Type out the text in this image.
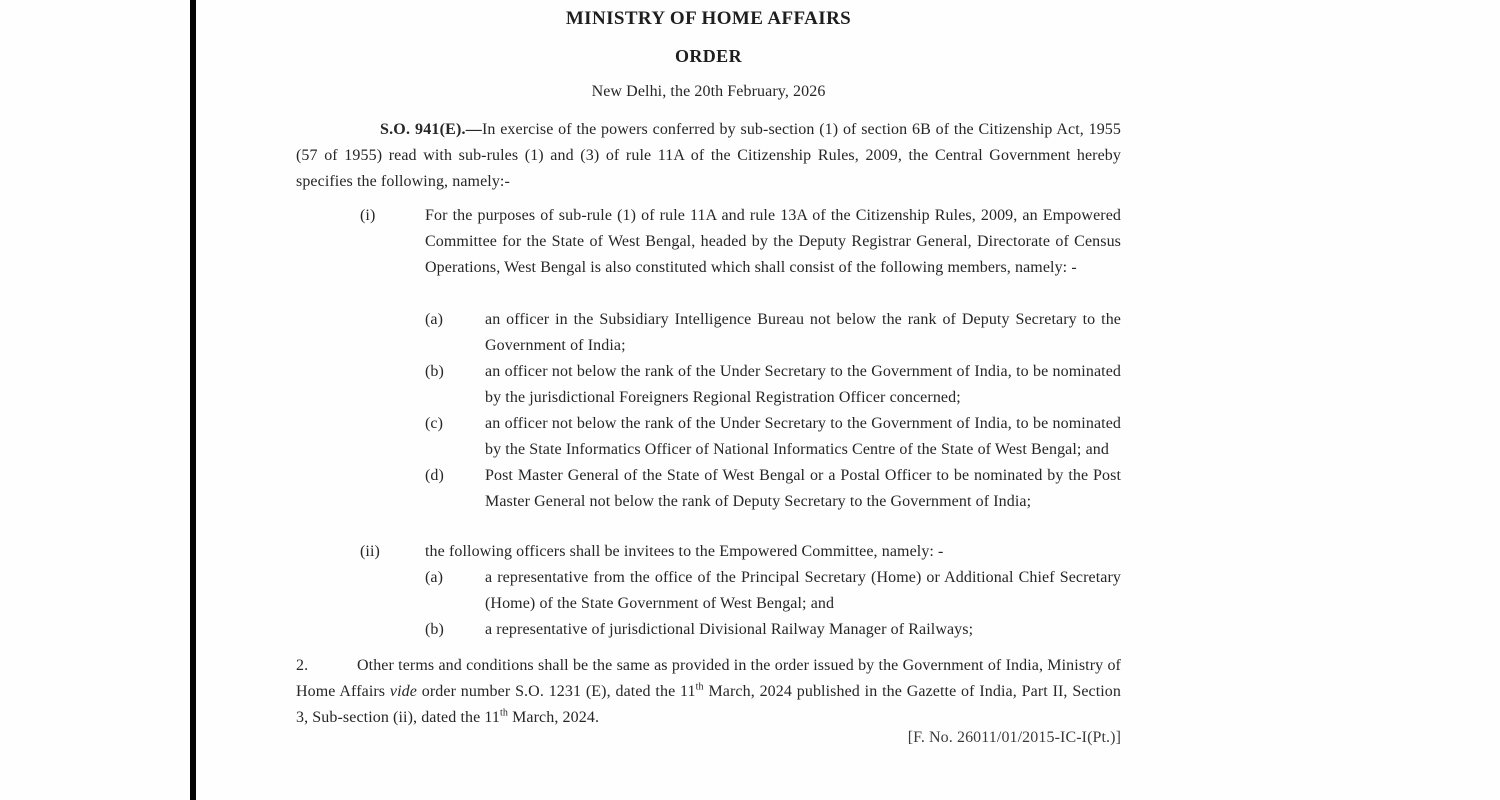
MINISTRY OF HOME AFFAIRS
ORDER
New Delhi, the 20th February, 2026

S.O. 941(E).—In exercise of the powers conferred by sub-section (1) of section 6B of the Citizenship Act, 1955 (57 of 1955) read with sub-rules (1) and (3) of rule 11A of the Citizenship Rules, 2009, the Central Government hereby specifies the following, namely:-

(i)	For the purposes of sub-rule (1) of rule 11A and rule 13A of the Citizenship Rules, 2009, an Empowered Committee for the State of West Bengal, headed by the Deputy Registrar General, Directorate of Census Operations, West Bengal is also constituted which shall consist of the following members, namely: -

(a)	an officer in the Subsidiary Intelligence Bureau not below the rank of Deputy Secretary to the Government of India;

(b)	an officer not below the rank of the Under Secretary to the Government of India, to be nominated by the jurisdictional Foreigners Regional Registration Officer concerned;

(c)	an officer not below the rank of the Under Secretary to the Government of India, to be nominated by the State Informatics Officer of National Informatics Centre of the State of West Bengal; and

(d)	Post Master General of the State of West Bengal or a Postal Officer to be nominated by the Post Master General not below the rank of Deputy Secretary to the Government of India;

(ii)	the following officers shall be invitees to the Empowered Committee, namely: -

(a)	a representative from the office of the Principal Secretary (Home) or Additional Chief Secretary (Home) of the State Government of West Bengal; and

(b)	a representative of jurisdictional Divisional Railway Manager of Railways;

2.	Other terms and conditions shall be the same as provided in the order issued by the Government of India, Ministry of Home Affairs vide order number S.O. 1231 (E), dated the 11th March, 2024 published in the Gazette of India, Part II, Section 3, Sub-section (ii), dated the 11th March, 2024.

[F. No. 26011/01/2015-IC-I(Pt.)]
